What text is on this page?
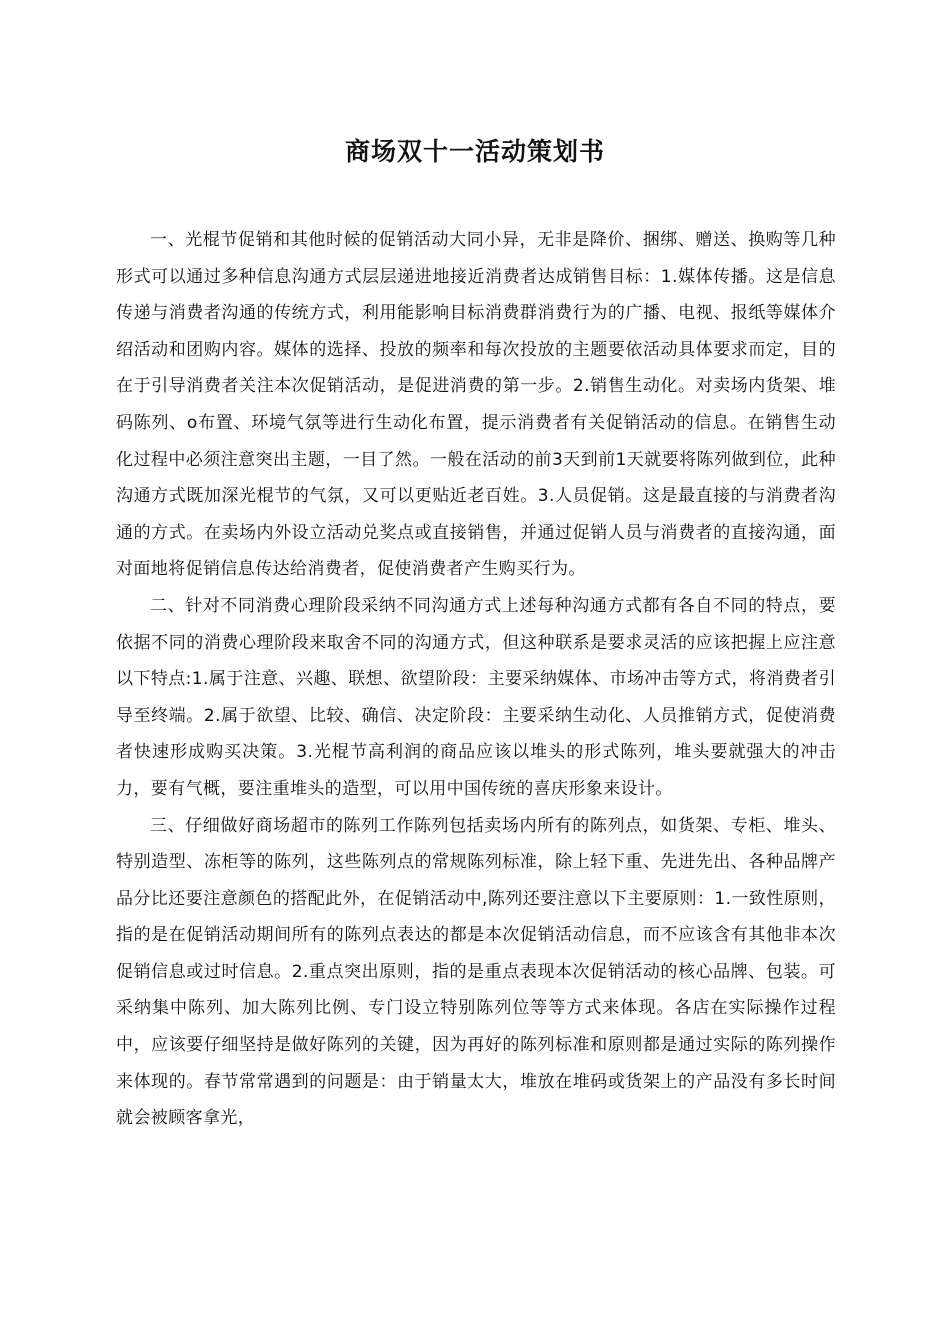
商场双十一活动策划书

一、光棍节促销和其他时候的促销活动大同小异，无非是降价、捆绑、赠送、换购等几种形式可以通过多种信息沟通方式层层递进地接近消费者达成销售目标：1.媒体传播。这是信息传递与消费者沟通的传统方式，利用能影响目标消费群消费行为的广播、电视、报纸等媒体介绍活动和团购内容。媒体的选择、投放的频率和每次投放的主题要依活动具体要求而定，目的在于引导消费者关注本次促销活动，是促进消费的第一步。2.销售生动化。对卖场内货架、堆码陈列、o布置、环境气氛等进行生动化布置，提示消费者有关促销活动的信息。在销售生动化过程中必须注意突出主题，一目了然。一般在活动的前3天到前1天就要将陈列做到位，此种沟通方式既加深光棍节的气氛，又可以更贴近老百姓。3.人员促销。这是最直接的与消费者沟通的方式。在卖场内外设立活动兑奖点或直接销售，并通过促销人员与消费者的直接沟通，面对面地将促销信息传达给消费者，促使消费者产生购买行为。

二、针对不同消费心理阶段采纳不同沟通方式上述每种沟通方式都有各自不同的特点，要依据不同的消费心理阶段来取舍不同的沟通方式，但这种联系是要求灵活的应该把握上应注意以下特点:1.属于注意、兴趣、联想、欲望阶段：主要采纳媒体、市场冲击等方式，将消费者引导至终端。2.属于欲望、比较、确信、决定阶段：主要采纳生动化、人员推销方式，促使消费者快速形成购买决策。3.光棍节高利润的商品应该以堆头的形式陈列，堆头要就强大的冲击力，要有气概，要注重堆头的造型，可以用中国传统的喜庆形象来设计。

三、仔细做好商场超市的陈列工作陈列包括卖场内所有的陈列点，如货架、专柜、堆头、特别造型、冻柜等的陈列，这些陈列点的常规陈列标准，除上轻下重、先进先出、各种品牌产品分比还要注意颜色的搭配此外，在促销活动中,陈列还要注意以下主要原则：1.一致性原则，指的是在促销活动期间所有的陈列点表达的都是本次促销活动信息，而不应该含有其他非本次促销信息或过时信息。2.重点突出原则，指的是重点表现本次促销活动的核心品牌、包装。可采纳集中陈列、加大陈列比例、专门设立特别陈列位等等方式来体现。各店在实际操作过程中，应该要仔细坚持是做好陈列的关键，因为再好的陈列标准和原则都是通过实际的陈列操作来体现的。春节常常遇到的问题是：由于销量太大，堆放在堆码或货架上的产品没有多长时间就会被顾客拿光，
